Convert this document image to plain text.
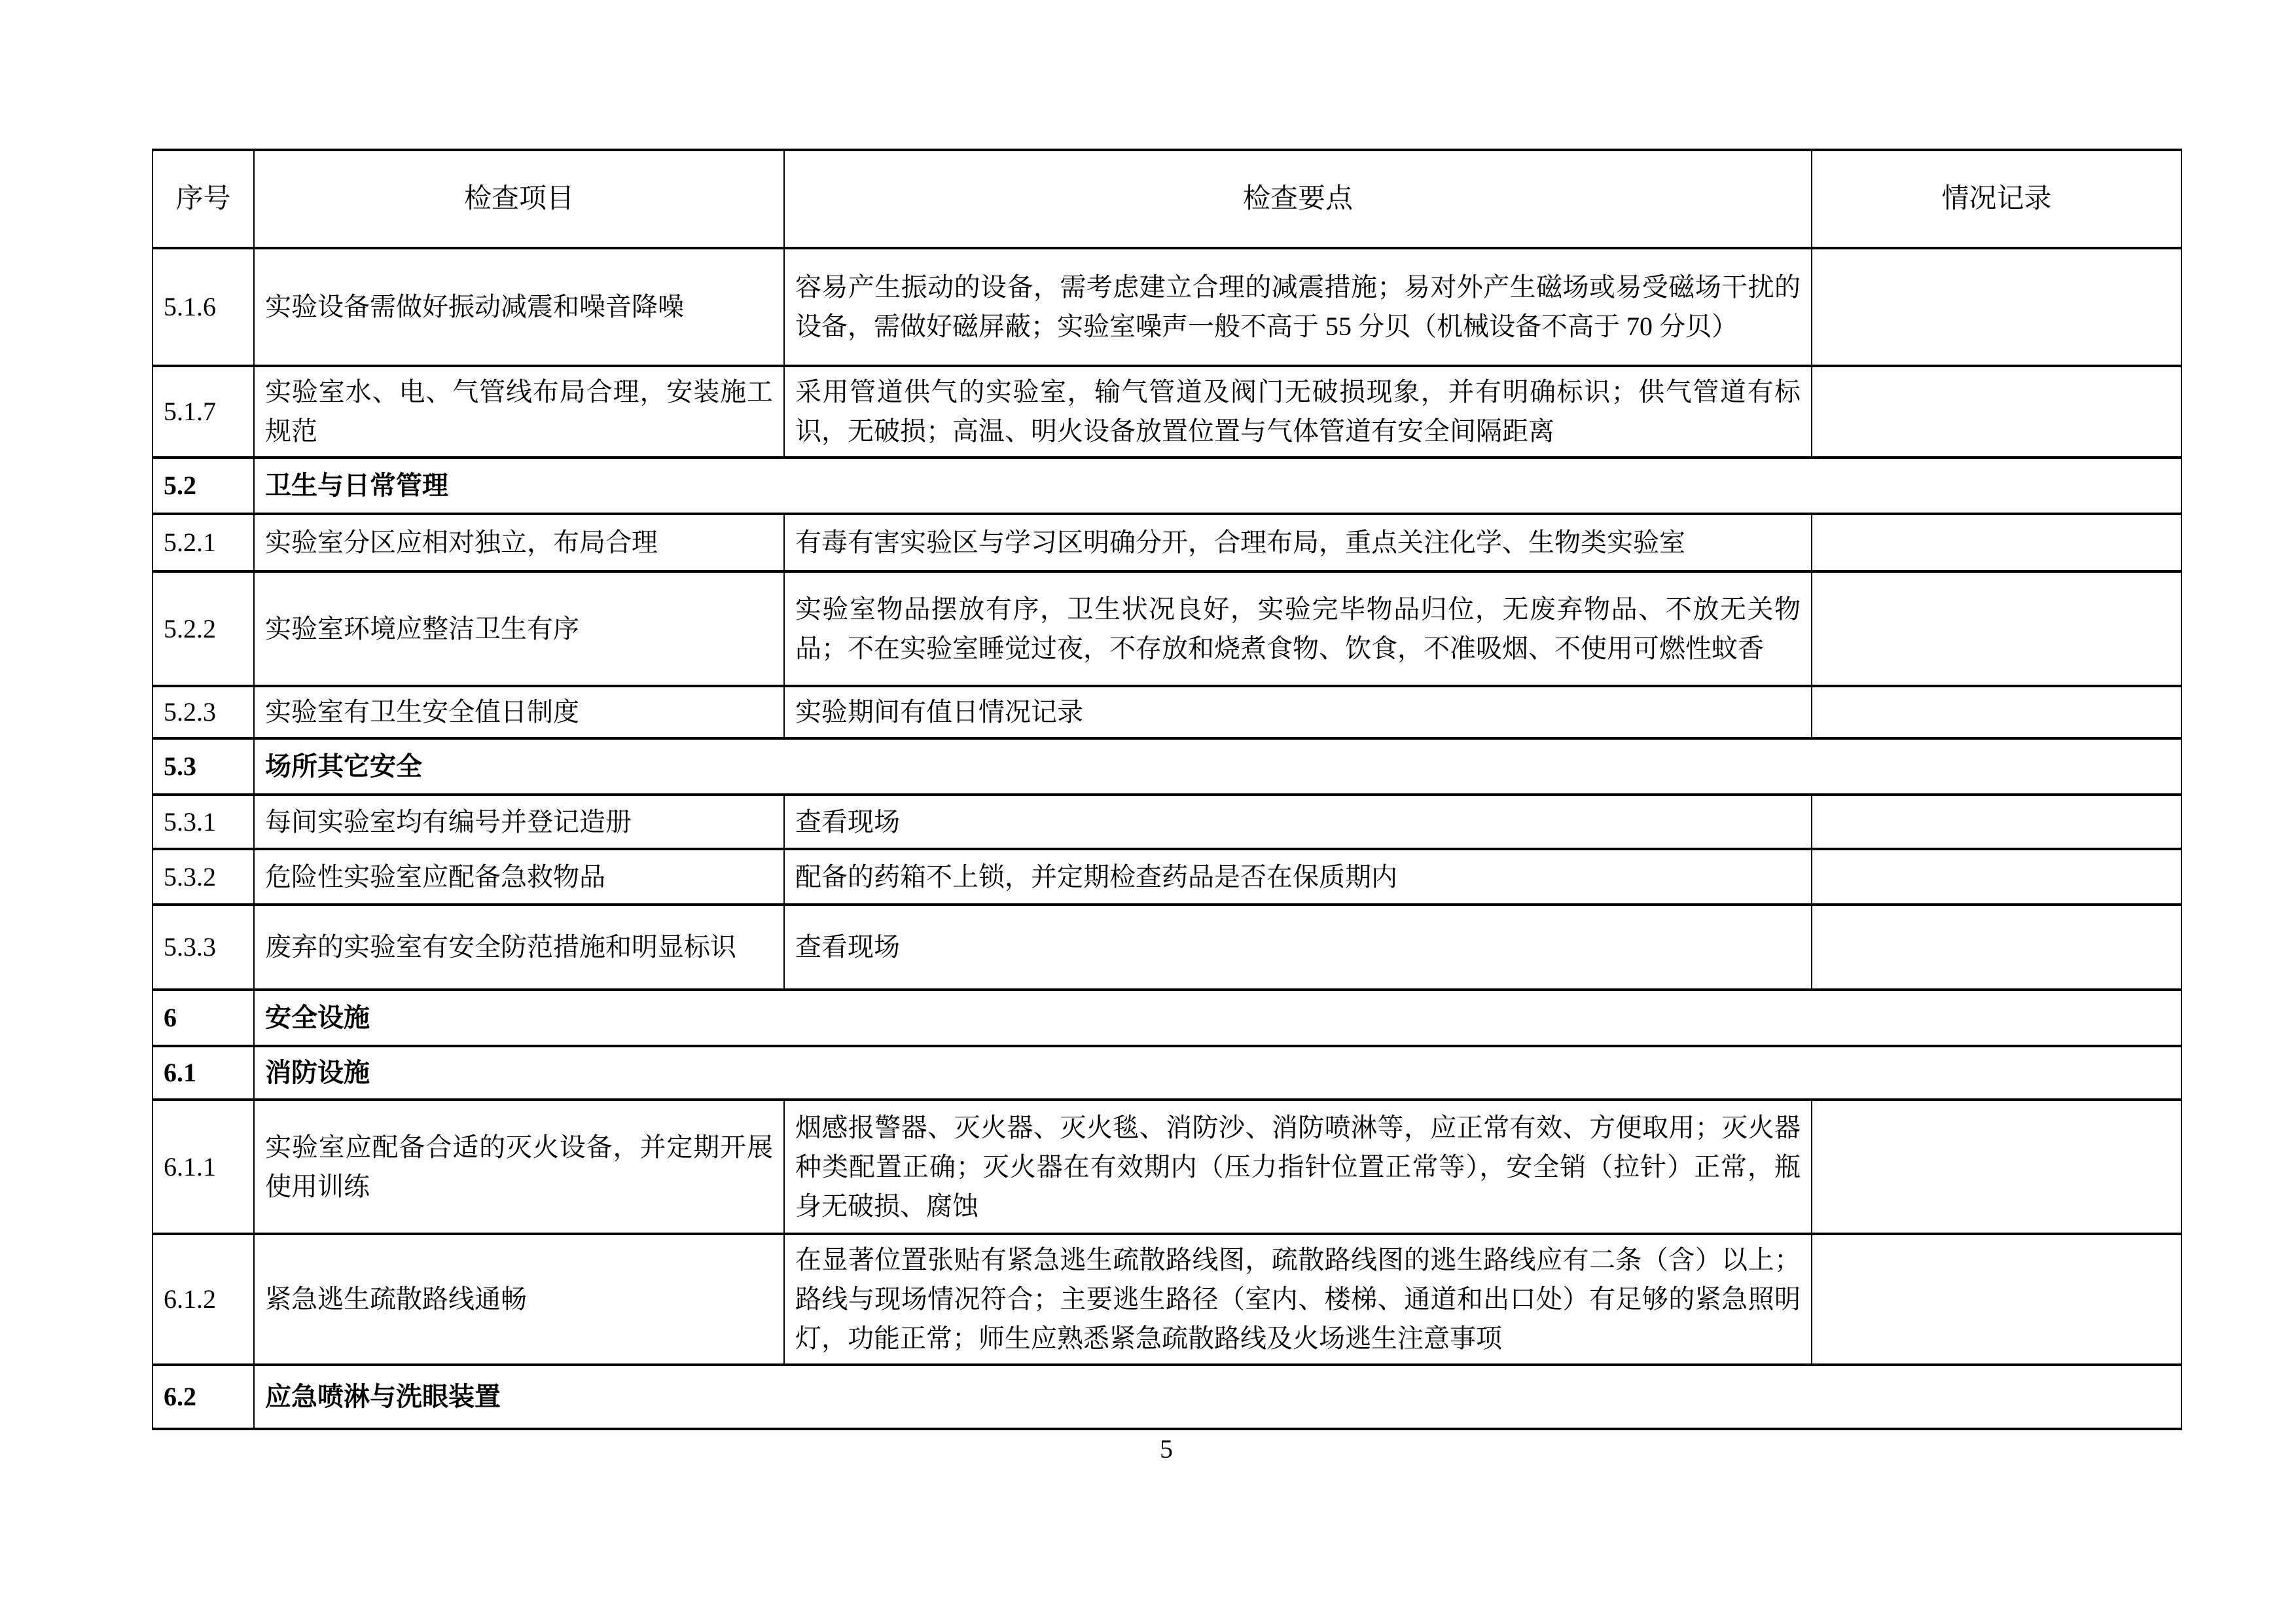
序号	检查项目	检查要点	情况记录
5.1.6	实验设备需做好振动减震和噪音降噪	容易产生振动的设备，需考虑建立合理的减震措施；易对外产生磁场或易受磁场干扰的设备，需做好磁屏蔽；实验室噪声一般不高于 55 分贝（机械设备不高于 70 分贝）	
5.1.7	实验室水、电、气管线布局合理，安装施工规范	采用管道供气的实验室，输气管道及阀门无破损现象，并有明确标识；供气管道有标识，无破损；高温、明火设备放置位置与气体管道有安全间隔距离	
5.2	卫生与日常管理		
5.2.1	实验室分区应相对独立，布局合理	有毒有害实验区与学习区明确分开，合理布局，重点关注化学、生物类实验室	
5.2.2	实验室环境应整洁卫生有序	实验室物品摆放有序，卫生状况良好，实验完毕物品归位，无废弃物品、不放无关物品；不在实验室睡觉过夜，不存放和烧煮食物、饮食，不准吸烟、不使用可燃性蚊香	
5.2.3	实验室有卫生安全值日制度	实验期间有值日情况记录	
5.3	场所其它安全		
5.3.1	每间实验室均有编号并登记造册	查看现场	
5.3.2	危险性实验室应配备急救物品	配备的药箱不上锁，并定期检查药品是否在保质期内	
5.3.3	废弃的实验室有安全防范措施和明显标识	查看现场	
6	安全设施		
6.1	消防设施		
6.1.1	实验室应配备合适的灭火设备，并定期开展使用训练	烟感报警器、灭火器、灭火毯、消防沙、消防喷淋等，应正常有效、方便取用；灭火器种类配置正确；灭火器在有效期内（压力指针位置正常等），安全销（拉针）正常，瓶身无破损、腐蚀	
6.1.2	紧急逃生疏散路线通畅	在显著位置张贴有紧急逃生疏散路线图，疏散路线图的逃生路线应有二条（含）以上；路线与现场情况符合；主要逃生路径（室内、楼梯、通道和出口处）有足够的紧急照明灯，功能正常；师生应熟悉紧急疏散路线及火场逃生注意事项	
6.2	应急喷淋与洗眼装置		
5
